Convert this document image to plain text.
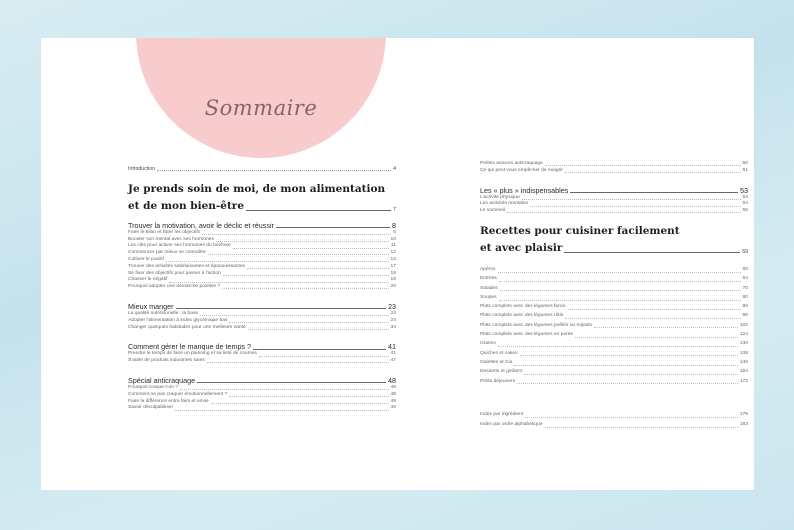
Sommaire
Introduction	4
Je prends soin de moi, de mon alimentation
et de mon bien-être	7
Trouver la motivation, avoir le déclic et réussir	8
Faire le bilan et lister les objectifs	8
Booster son mental avec ses hormones	10
Les clés pour activer ses hormones du bonheur	11
Commencer par mieux se connaître	12
Cultiver le positif	13
Trouver des activités satisfaisantes et épanouissantes	17
Se fixer des objectifs pour passer à l'action	18
Chasser le négatif	19
Pourquoi adopter une démarche positive ?	20
Mieux manger	23
La qualité nutritionnelle : la base	23
Adopter l'alimentation à index glycémique bas	24
Changer quelques habitudes pour une meilleure santé	34
Comment gérer le manque de temps ?	41
Prendre le temps de faire un planning et sa liste de courses	41
S'aider de produits industriels sains	47
Spécial anticraquage	48
Pourquoi craque-t-on ?	48
Comment ne pas craquer émotionnellement ?	48
Faire la différence entre faim et envie	49
Savoir déculpabiliser	49
Petites astuces anticraquage	50
Ce qui peut vous empêcher de maigrir	51
Les « plus » indispensables	53
L'activité physique	53
Les activités mentales	54
Le sommeil	55
Recettes pour cuisiner facilement
et avec plaisir	59
Apéros	60
Entrées	64
Salades	70
Soupes	80
Plats complets avec des légumes farcis	86
Plats complets avec des légumes rôtis	96
Plats complets avec des légumes poêlés ou mijotés	102
Plats complets avec des légumes en purée	124
Gratins	130
Quiches et cakes	138
Galettes et Cie	146
Desserts et goûters	154
Petits déjeuners	172
Index par ingrédient	178
Index par ordre alphabétique	183
